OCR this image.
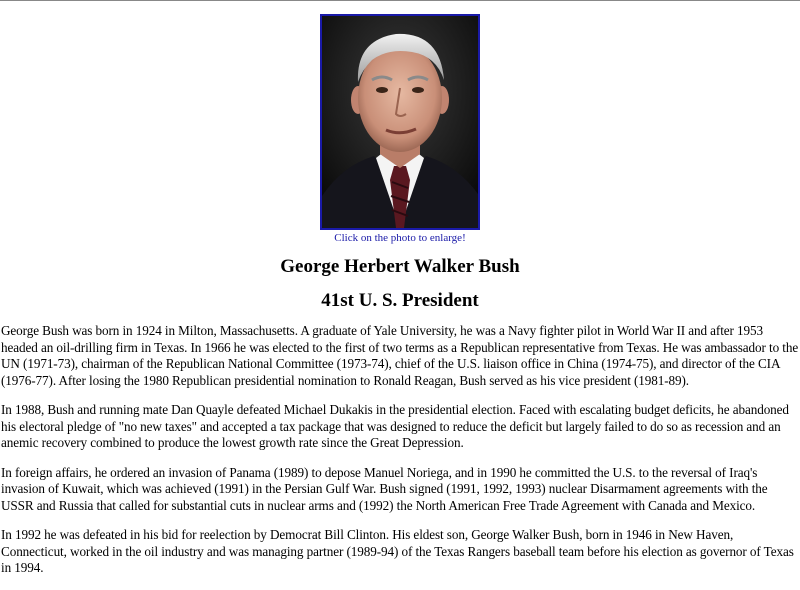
Click on the photo to enlarge!
George Herbert Walker Bush
41st U. S. President

George Bush was born in 1924 in Milton, Massachusetts. A graduate of Yale University, he was a Navy fighter pilot in World War II and after 1953 headed an oil-drilling firm in Texas. In 1966 he was elected to the first of two terms as a Republican representative from Texas. He was ambassador to the UN (1971-73), chairman of the Republican National Committee (1973-74), chief of the U.S. liaison office in China (1974-75), and director of the CIA (1976-77). After losing the 1980 Republican presidential nomination to Ronald Reagan, Bush served as his vice president (1981-89).

In 1988, Bush and running mate Dan Quayle defeated Michael Dukakis in the presidential election. Faced with escalating budget deficits, he abandoned his electoral pledge of "no new taxes" and accepted a tax package that was designed to reduce the deficit but largely failed to do so as recession and an anemic recovery combined to produce the lowest growth rate since the Great Depression.

In foreign affairs, he ordered an invasion of Panama (1989) to depose Manuel Noriega, and in 1990 he committed the U.S. to the reversal of Iraq's invasion of Kuwait, which was achieved (1991) in the Persian Gulf War. Bush signed (1991, 1992, 1993) nuclear Disarmament agreements with the USSR and Russia that called for substantial cuts in nuclear arms and (1992) the North American Free Trade Agreement with Canada and Mexico.

In 1992 he was defeated in his bid for reelection by Democrat Bill Clinton. His eldest son, George Walker Bush, born in 1946 in New Haven, Connecticut, worked in the oil industry and was managing partner (1989-94) of the Texas Rangers baseball team before his election as governor of Texas in 1994.
